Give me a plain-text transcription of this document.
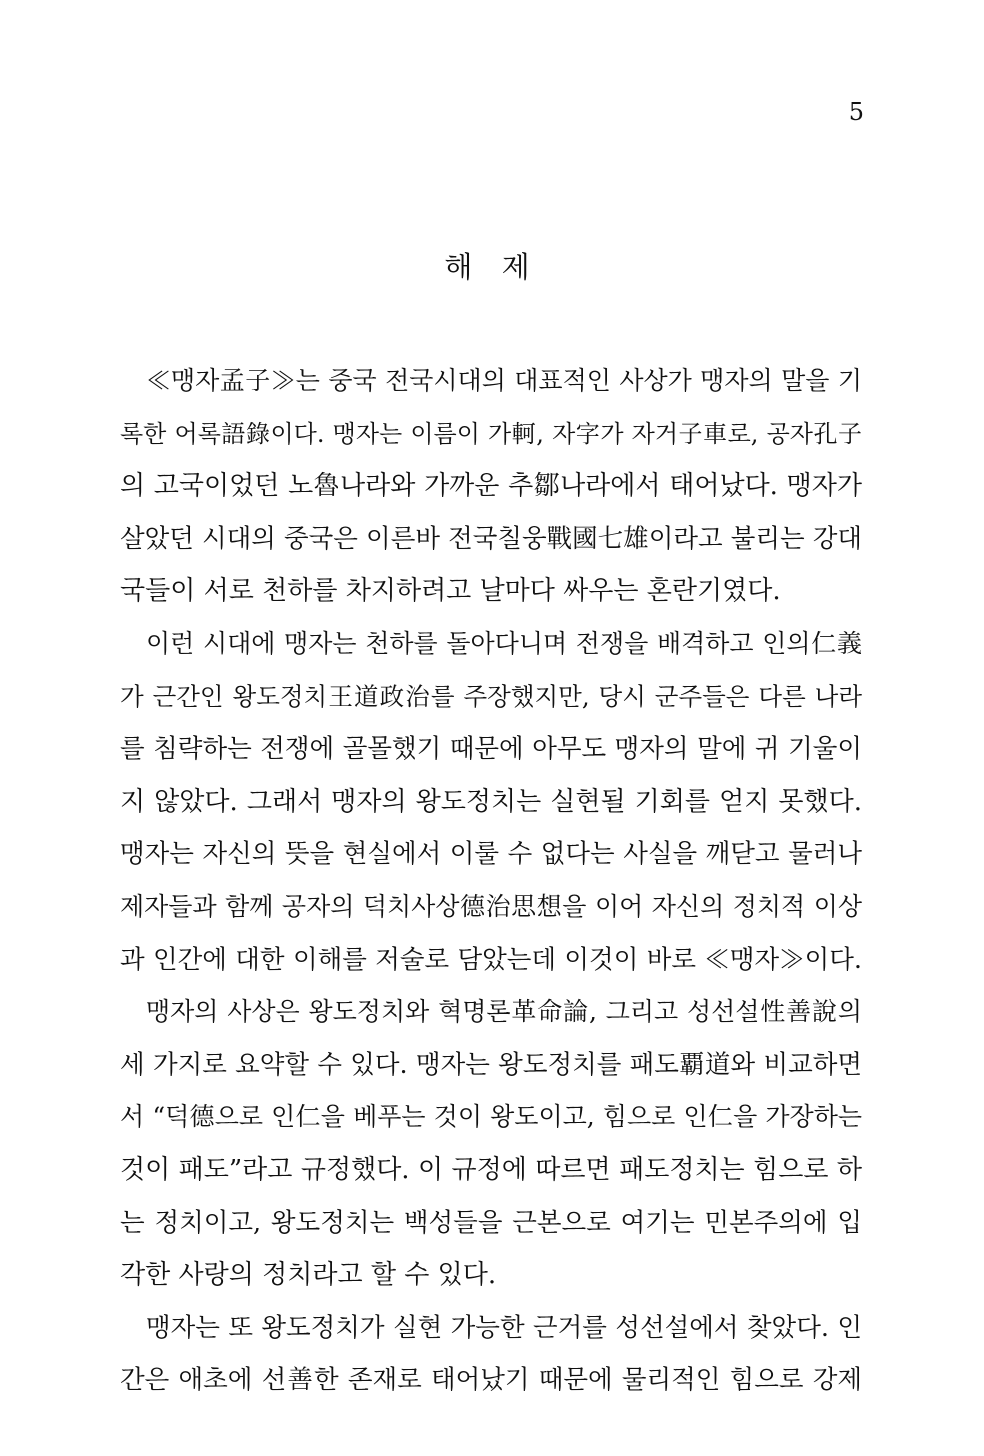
5
해 제
≪맹자孟子≫는 중국 전국시대의 대표적인 사상가 맹자의 말을 기
록한 어록語錄이다. 맹자는 이름이 가軻, 자字가 자거子車로, 공자孔子
의 고국이었던 노魯나라와 가까운 추鄒나라에서 태어났다. 맹자가
살았던 시대의 중국은 이른바 전국칠웅戰國七雄이라고 불리는 강대
국들이 서로 천하를 차지하려고 날마다 싸우는 혼란기였다.
이런 시대에 맹자는 천하를 돌아다니며 전쟁을 배격하고 인의仁義
가 근간인 왕도정치王道政治를 주장했지만, 당시 군주들은 다른 나라
를 침략하는 전쟁에 골몰했기 때문에 아무도 맹자의 말에 귀 기울이
지 않았다. 그래서 맹자의 왕도정치는 실현될 기회를 얻지 못했다.
맹자는 자신의 뜻을 현실에서 이룰 수 없다는 사실을 깨닫고 물러나
제자들과 함께 공자의 덕치사상德治思想을 이어 자신의 정치적 이상
과 인간에 대한 이해를 저술로 담았는데 이것이 바로 ≪맹자≫이다.
맹자의 사상은 왕도정치와 혁명론革命論, 그리고 성선설性善說의
세 가지로 요약할 수 있다. 맹자는 왕도정치를 패도覇道와 비교하면
서 “덕德으로 인仁을 베푸는 것이 왕도이고, 힘으로 인仁을 가장하는
것이 패도”라고 규정했다. 이 규정에 따르면 패도정치는 힘으로 하
는 정치이고, 왕도정치는 백성들을 근본으로 여기는 민본주의에 입
각한 사랑의 정치라고 할 수 있다.
맹자는 또 왕도정치가 실현 가능한 근거를 성선설에서 찾았다. 인
간은 애초에 선善한 존재로 태어났기 때문에 물리적인 힘으로 강제
